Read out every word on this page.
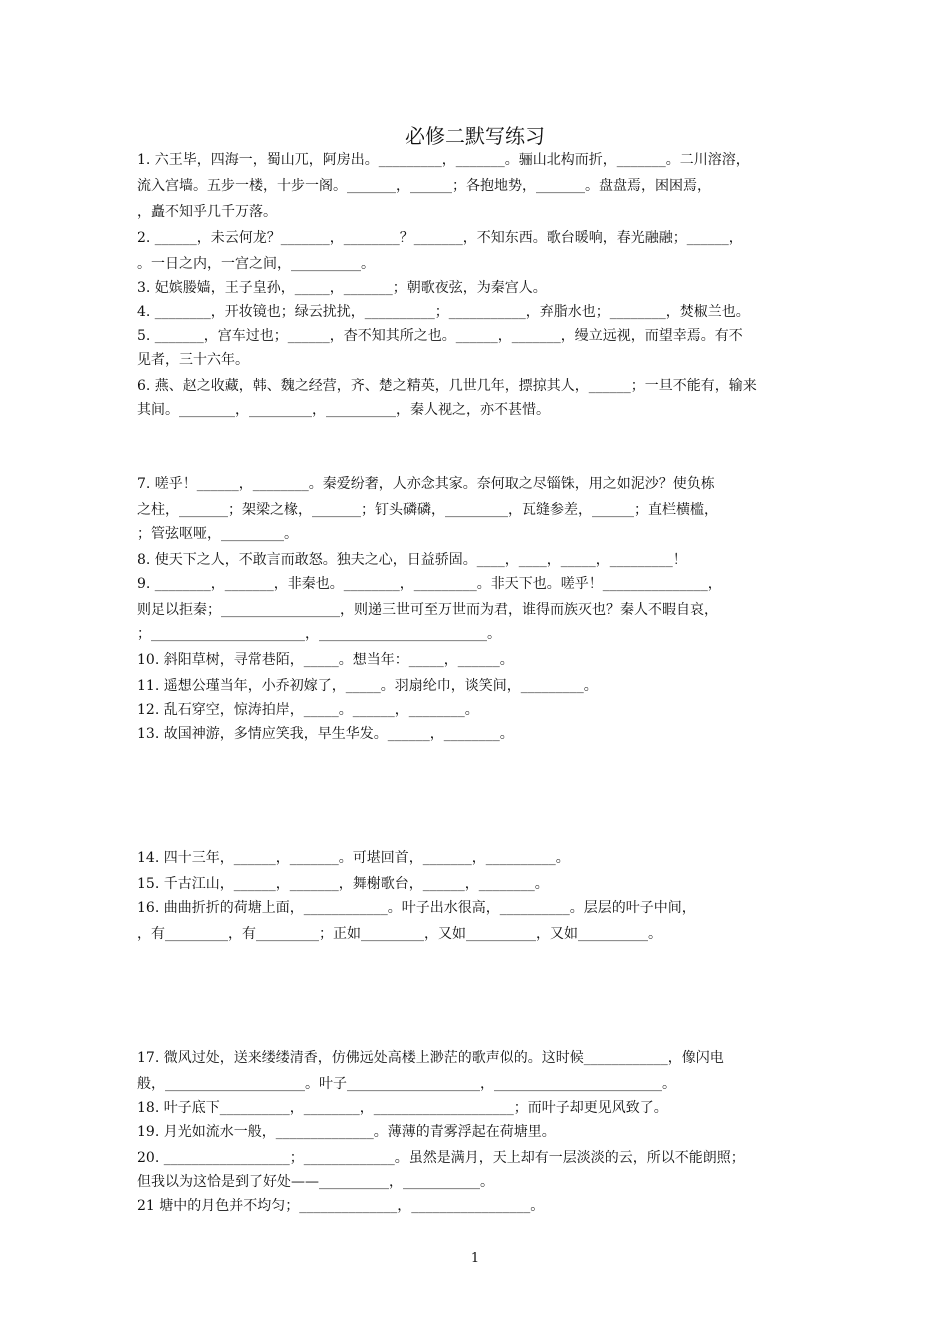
必修二默写练习
1. 六王毕，四海一，蜀山兀，阿房出。_________，_______。骊山北构而折，_______。二川溶溶，
流入宫墙。五步一楼，十步一阁。_______，______；各抱地势，_______。盘盘焉，困困焉，
，矗不知乎几千万落。
2. ______，未云何龙？_______，________？_______，不知东西。歌台暖响，春光融融；______，
。一日之内，一宫之间，__________。
3. 妃嫔媵嫱，王子皇孙，_____，_______；朝歌夜弦，为秦宫人。
4. ________，开妆镜也；绿云扰扰，__________；___________，弃脂水也；________，焚椒兰也。
5. _______，宫车过也；______，杳不知其所之也。______，_______，缦立远视，而望幸焉。有不
见者，三十六年。
6. 燕、赵之收藏，韩、魏之经营，齐、楚之精英，几世几年，摽掠其人，______；一旦不能有，输来
其间。________，_________，__________，秦人视之，亦不甚惜。
7. 嗟乎！______，________。秦爱纷奢，人亦念其家。奈何取之尽锱铢，用之如泥沙？使负栋
之柱，_______；架梁之椽，_______；钉头磷磷，_________，瓦缝参差，______；直栏横槛，
；管弦呕哑，_________。
8. 使天下之人，不敢言而敢怒。独夫之心，日益骄固。____，____，_____，_________！
9. ________，_______，非秦也。________，_________。非天下也。嗟乎！_______________，
则足以拒秦；_________________，则递三世可至万世而为君，谁得而族灭也？秦人不暇自哀，
；______________________，________________________。
10. 斜阳草树，寻常巷陌，_____。想当年：_____，______。
11. 遥想公瑾当年，小乔初嫁了，_____。羽扇纶巾，谈笑间，_________。
12. 乱石穿空，惊涛拍岸，_____。______，________。
13. 故国神游，多情应笑我，早生华发。______，________。
14. 四十三年，______，_______。可堪回首，_______，__________。
15. 千古江山，______，_______，舞榭歌台，______，________。
16. 曲曲折折的荷塘上面，____________。叶子出水很高，__________。层层的叶子中间，
，有_________，有_________；正如_________，又如__________，又如__________。
17. 微风过处，送来缕缕清香，仿佛远处高楼上渺茫的歌声似的。这时候____________，像闪电
般，____________________。叶子___________________，________________________。
18. 叶子底下__________，________，____________________；而叶子却更见风致了。
19. 月光如流水一般，______________。薄薄的青雾浮起在荷塘里。
20. __________________；_____________。虽然是满月，天上却有一层淡淡的云，所以不能朗照；
但我以为这恰是到了好处——__________，___________。
21 塘中的月色并不均匀；______________，_________________。
1
